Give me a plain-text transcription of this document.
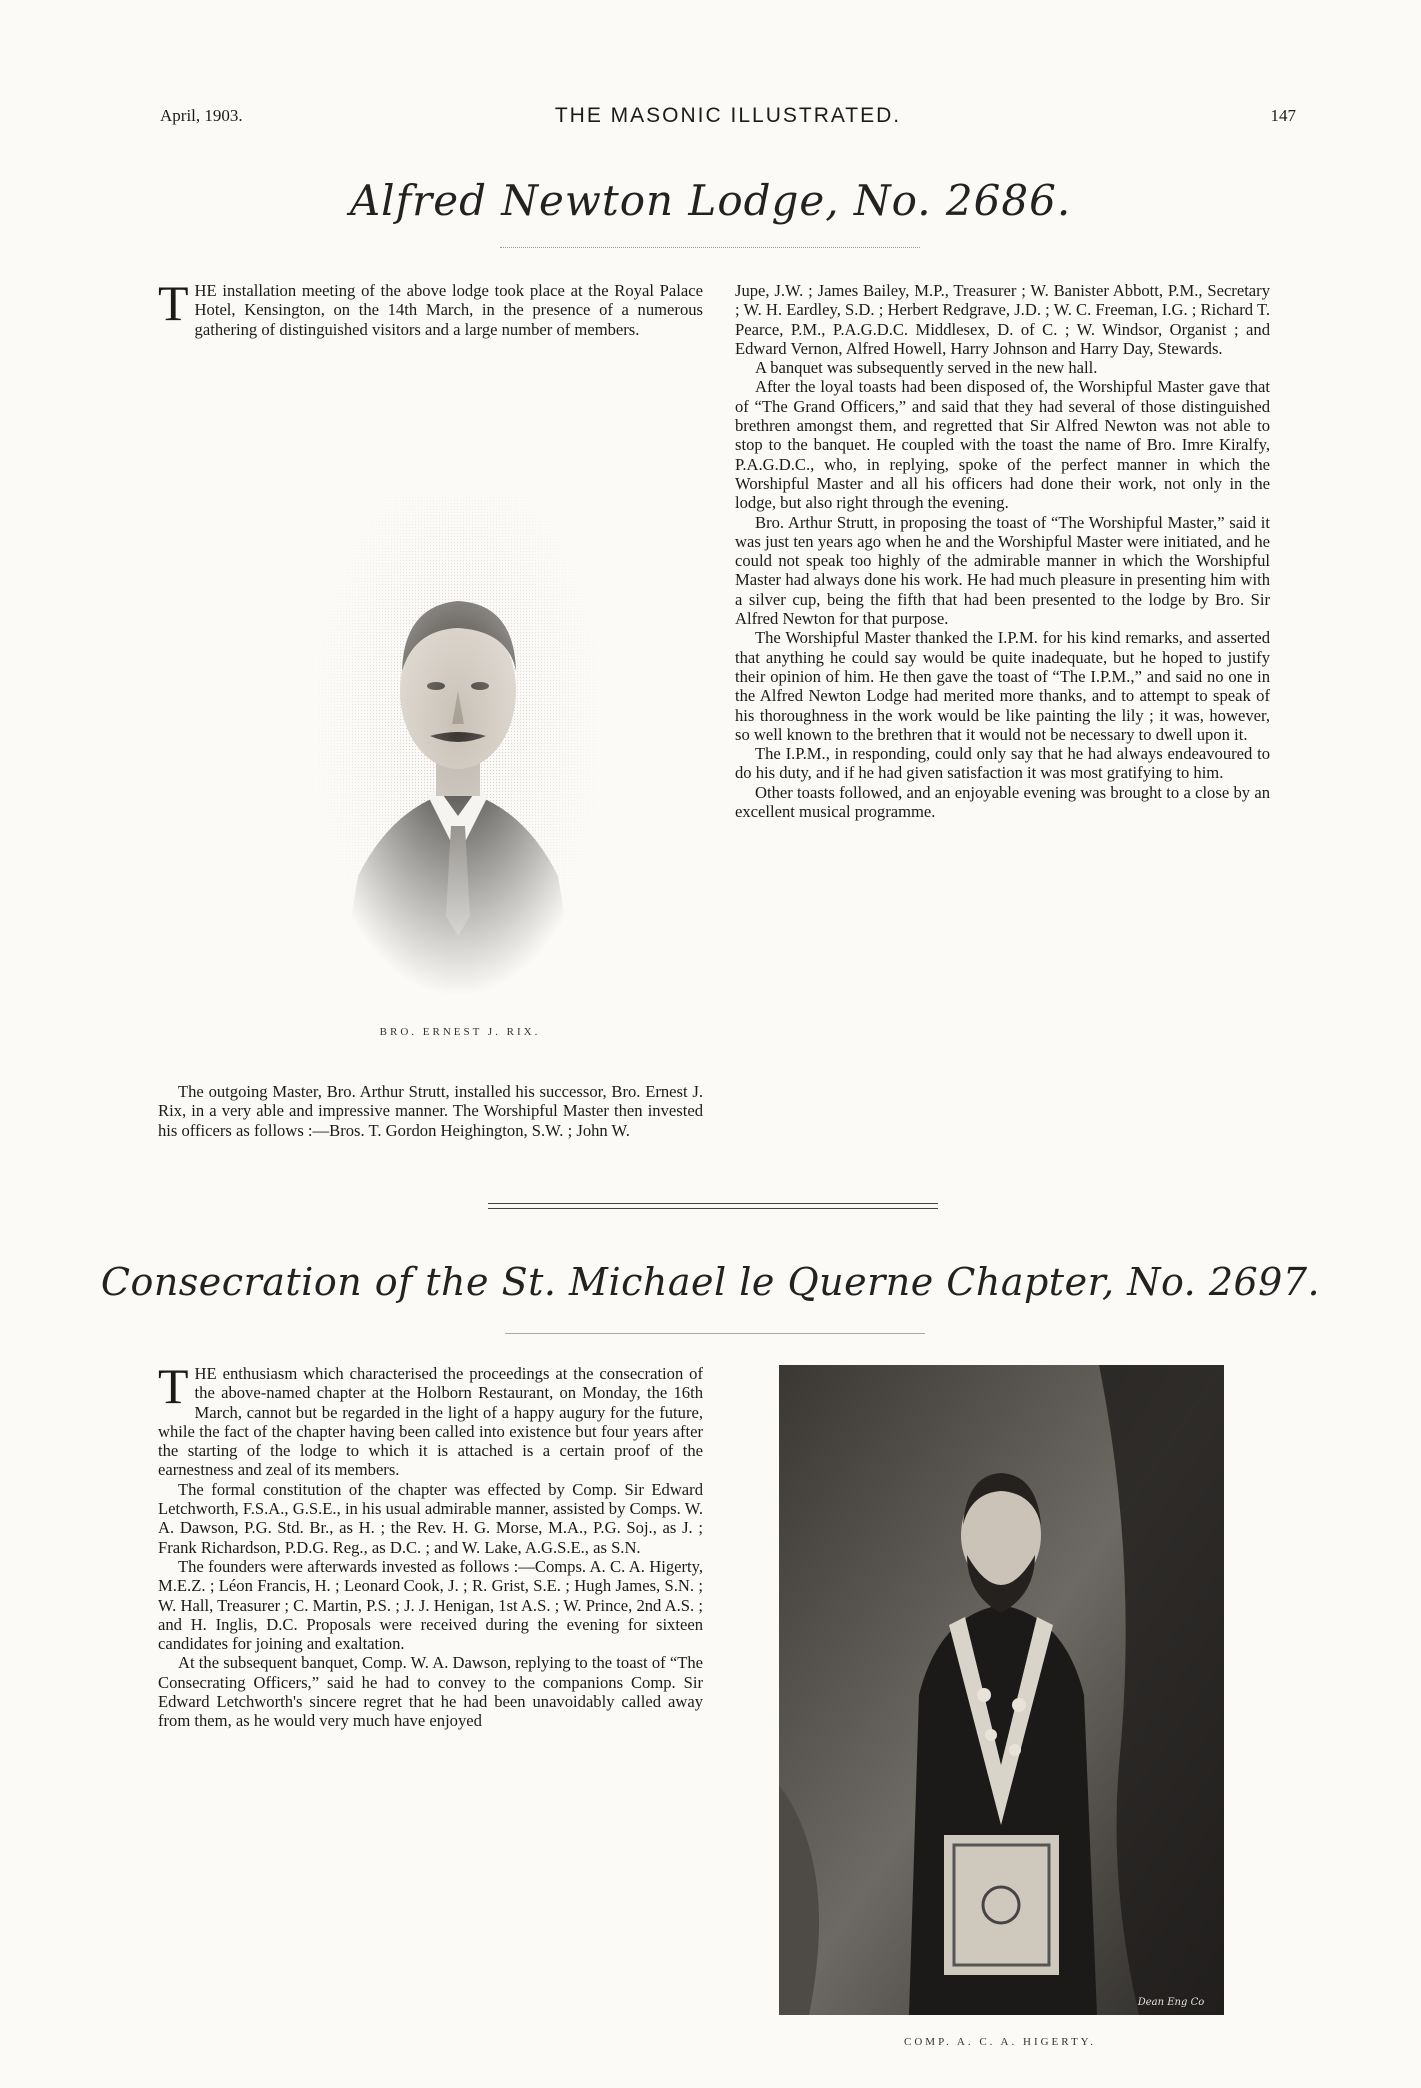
April, 1903.	THE MASONIC ILLUSTRATED.	147
Alfred Newton Lodge, No. 2686.

THE installation meeting of the above lodge took place at the Royal Palace Hotel, Kensington, on the 14th March, in the presence of a numerous gathering of distinguished visitors and a large number of members.

BRO. ERNEST J. RIX.

The outgoing Master, Bro. Arthur Strutt, installed his successor, Bro. Ernest J. Rix, in a very able and impressive manner. The Worshipful Master then invested his officers as follows :—Bros. T. Gordon Heighington, S.W. ; John W.

Jupe, J.W. ; James Bailey, M.P., Treasurer ; W. Banister Abbott, P.M., Secretary ; W. H. Eardley, S.D. ; Herbert Redgrave, J.D. ; W. C. Freeman, I.G. ; Richard T. Pearce, P.M., P.A.G.D.C. Middlesex, D. of C. ; W. Windsor, Organist ; and Edward Vernon, Alfred Howell, Harry Johnson and Harry Day, Stewards.

A banquet was subsequently served in the new hall.

After the loyal toasts had been disposed of, the Worshipful Master gave that of “The Grand Officers,” and said that they had several of those distinguished brethren amongst them, and regretted that Sir Alfred Newton was not able to stop to the banquet. He coupled with the toast the name of Bro. Imre Kiralfy, P.A.G.D.C., who, in replying, spoke of the perfect manner in which the Worshipful Master and all his officers had done their work, not only in the lodge, but also right through the evening.

Bro. Arthur Strutt, in proposing the toast of “The Worshipful Master,” said it was just ten years ago when he and the Worshipful Master were initiated, and he could not speak too highly of the admirable manner in which the Worshipful Master had always done his work. He had much pleasure in presenting him with a silver cup, being the fifth that had been presented to the lodge by Bro. Sir Alfred Newton for that purpose.

The Worshipful Master thanked the I.P.M. for his kind remarks, and asserted that anything he could say would be quite inadequate, but he hoped to justify their opinion of him. He then gave the toast of “The I.P.M.,” and said no one in the Alfred Newton Lodge had merited more thanks, and to attempt to speak of his thoroughness in the work would be like painting the lily ; it was, however, so well known to the brethren that it would not be necessary to dwell upon it.

The I.P.M., in responding, could only say that he had always endeavoured to do his duty, and if he had given satisfaction it was most gratifying to him.

Other toasts followed, and an enjoyable evening was brought to a close by an excellent musical programme.

Consecration of the St. Michael le Querne Chapter, No. 2697.

THE enthusiasm which characterised the proceedings at the consecration of the above-named chapter at the Holborn Restaurant, on Monday, the 16th March, cannot but be regarded in the light of a happy augury for the future, while the fact of the chapter having been called into existence but four years after the starting of the lodge to which it is attached is a certain proof of the earnestness and zeal of its members.

The formal constitution of the chapter was effected by Comp. Sir Edward Letchworth, F.S.A., G.S.E., in his usual admirable manner, assisted by Comps. W. A. Dawson, P.G. Std. Br., as H. ; the Rev. H. G. Morse, M.A., P.G. Soj., as J. ; Frank Richardson, P.D.G. Reg., as D.C. ; and W. Lake, A.G.S.E., as S.N.

The founders were afterwards invested as follows :—Comps. A. C. A. Higerty, M.E.Z. ; Léon Francis, H. ; Leonard Cook, J. ; R. Grist, S.E. ; Hugh James, S.N. ; W. Hall, Treasurer ; C. Martin, P.S. ; J. J. Henigan, 1st A.S. ; W. Prince, 2nd A.S. ; and H. Inglis, D.C. Proposals were received during the evening for sixteen candidates for joining and exaltation.

At the subsequent banquet, Comp. W. A. Dawson, replying to the toast of “The Consecrating Officers,” said he had to convey to the companions Comp. Sir Edward Letchworth's sincere regret that he had been unavoidably called away from them, as he would very much have enjoyed

Dean Eng Co
COMP. A. C. A. HIGERTY.
